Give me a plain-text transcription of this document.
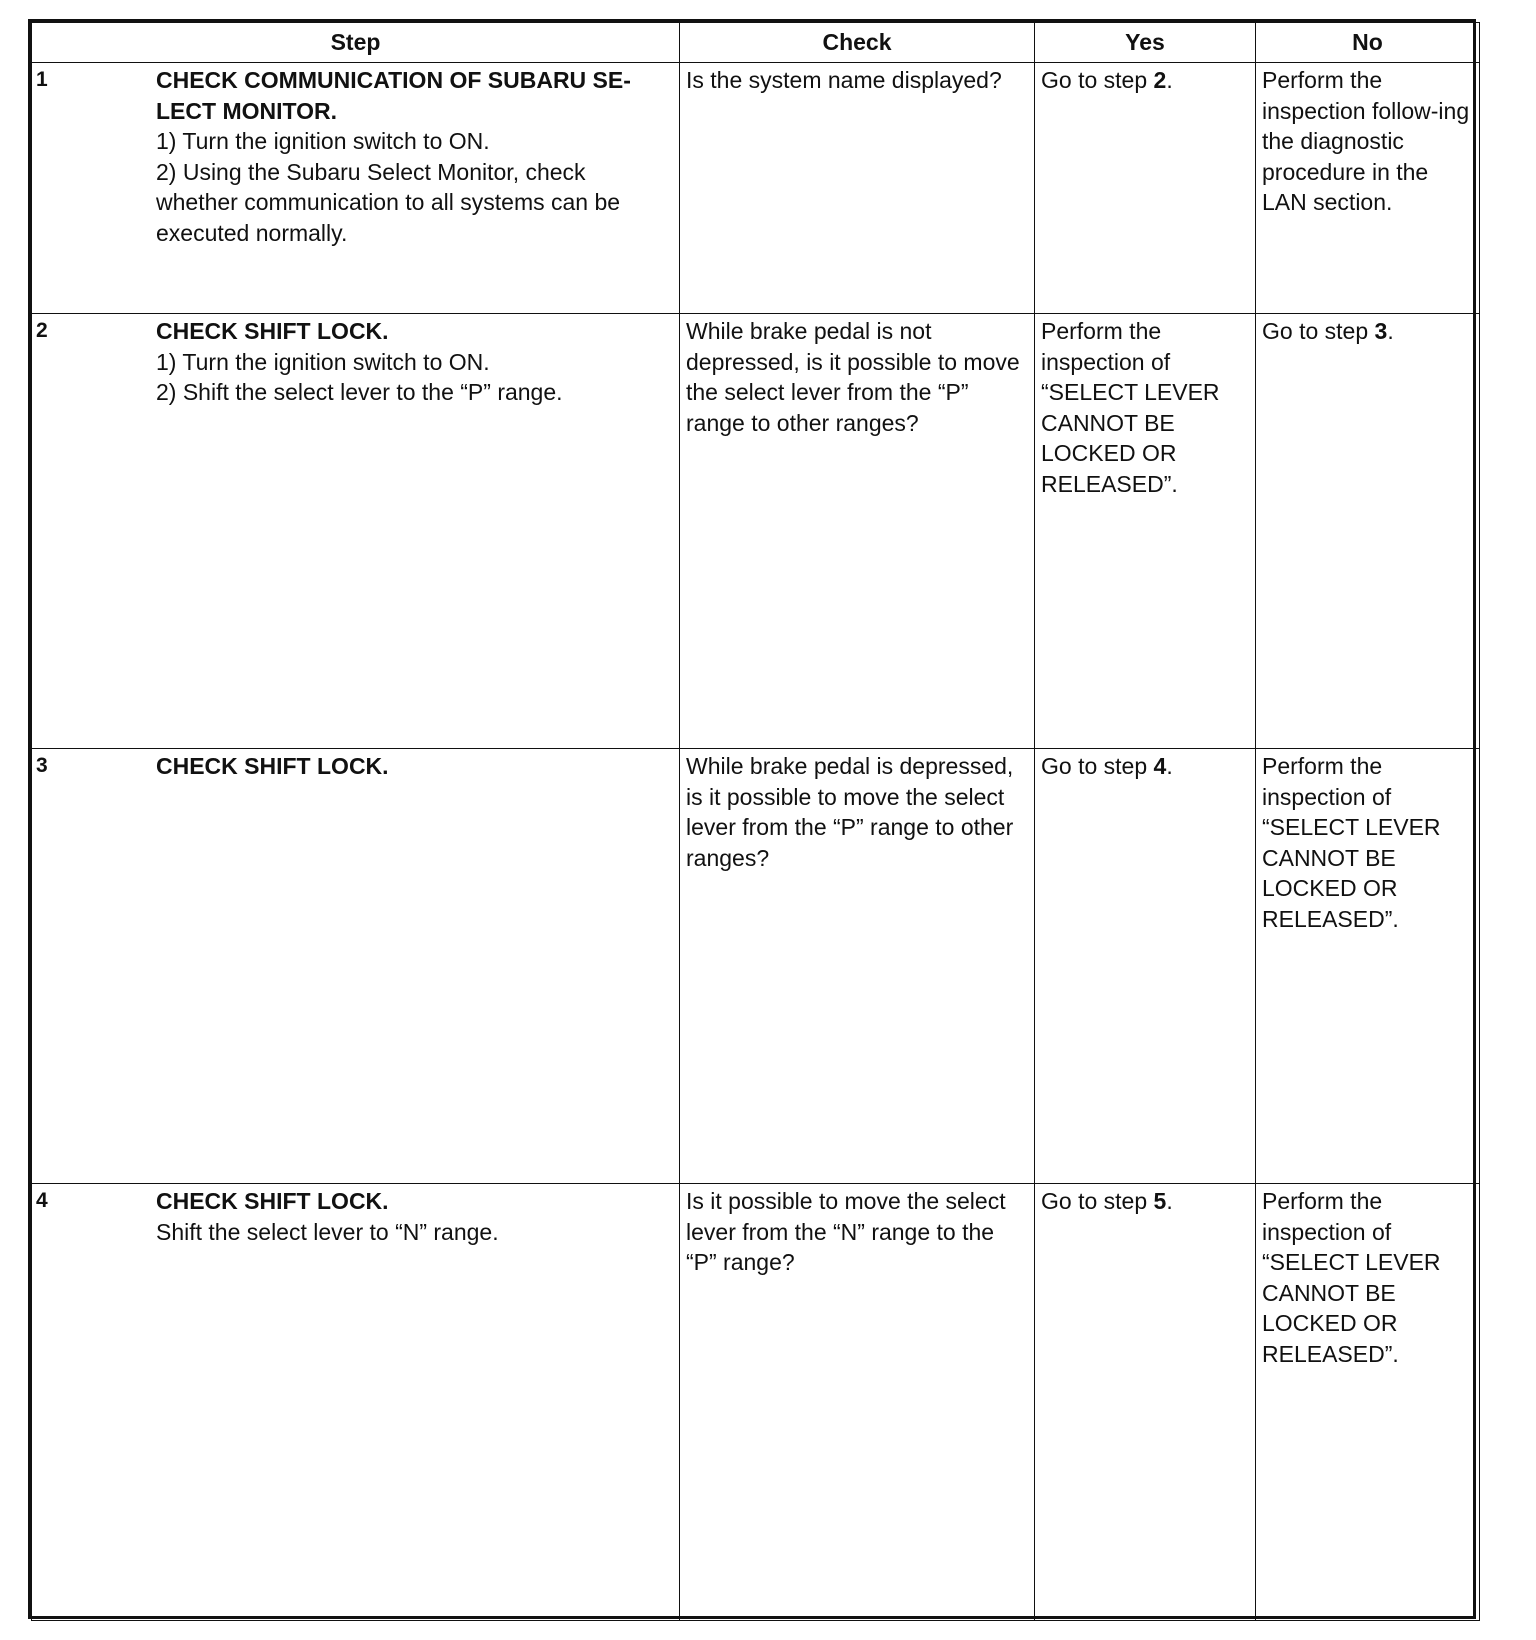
Step	Check	Yes	No

1 CHECK COMMUNICATION OF SUBARU SE-LECT MONITOR.
1) Turn the ignition switch to ON.
2) Using the Subaru Select Monitor, check whether communication to all systems can be executed normally.	Is the system name displayed?	Go to step 2.	Perform the inspection follow-ing the diagnostic procedure in the LAN section.

2 CHECK SHIFT LOCK.
1) Turn the ignition switch to ON.
2) Shift the select lever to the “P” range.	While brake pedal is not depressed, is it possible to move the select lever from the “P” range to other ranges?	Perform the inspection of “SELECT LEVER CANNOT BE LOCKED OR RELEASED”.	Go to step 3.

3 CHECK SHIFT LOCK.	While brake pedal is depressed, is it possible to move the select lever from the “P” range to other ranges?	Go to step 4.	Perform the inspection of “SELECT LEVER CANNOT BE LOCKED OR RELEASED”.

4 CHECK SHIFT LOCK.
Shift the select lever to “N” range.	Is it possible to move the select lever from the “N” range to the “P” range?	Go to step 5.	Perform the inspection of “SELECT LEVER CANNOT BE LOCKED OR RELEASED”.
